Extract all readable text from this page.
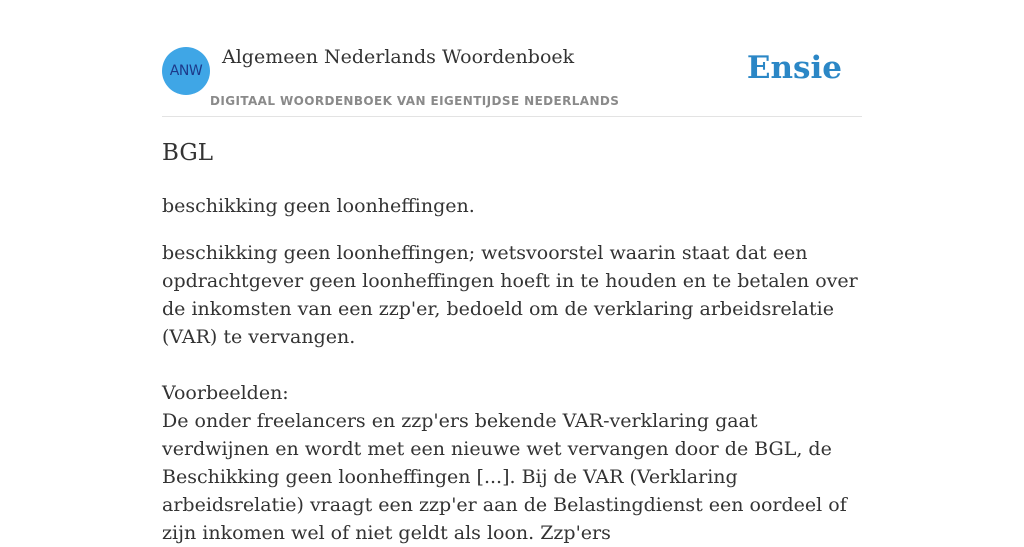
ANW
Algemeen Nederlands Woordenboek
DIGITAAL WOORDENBOEK VAN EIGENTIJDSE NEDERLANDS
Ensie
BGL

beschikking geen loonheffingen.

beschikking geen loonheffingen; wetsvoorstel waarin staat dat een opdrachtgever geen loonheffingen hoeft in te houden en te betalen over de inkomsten van een zzp'er, bedoeld om de verklaring arbeidsrelatie (VAR) te vervangen.

Voorbeelden:
De onder freelancers en zzp'ers bekende VAR-verklaring gaat verdwijnen en wordt met een nieuwe wet vervangen door de BGL, de Beschikking geen loonheffingen [...]. Bij de VAR (Verklaring arbeidsrelatie) vraagt een zzp'er aan de Belastingdienst een oordeel of zijn inkomen wel of niet geldt als loon. Zzp'ers
